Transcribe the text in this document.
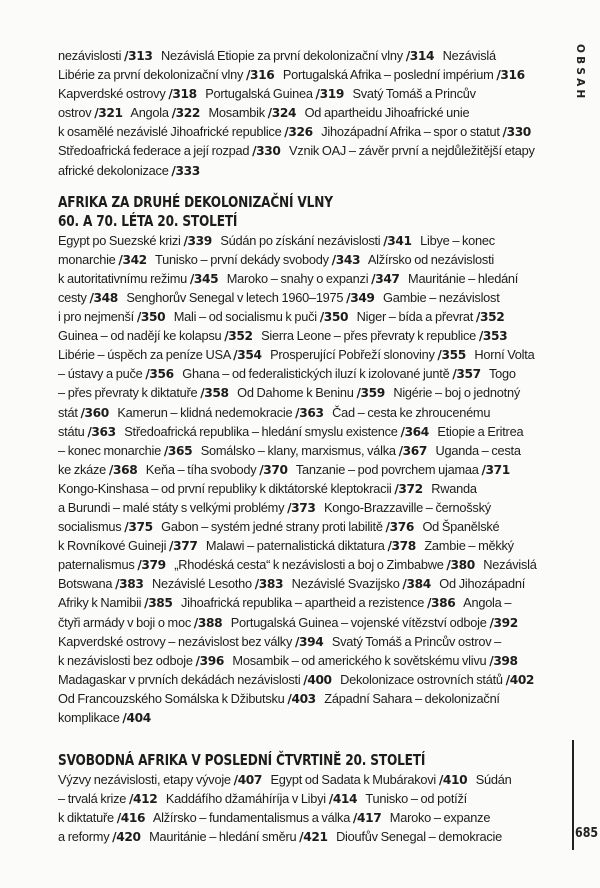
OBSAH
685
nezávislosti /313   Nezávislá Etiopie za první dekolonizační vlny /314   Nezávislá
Libérie za první dekolonizační vlny /316   Portugalská Afrika – poslední impérium /316
Kapverdské ostrovy /318   Portugalská Guinea /319   Svatý Tomáš a Princův
ostrov /321   Angola /322   Mosambik /324   Od apartheidu Jihoafrické unie
k osamělé nezávislé Jihoafrické republice /326   Jihozápadní Afrika – spor o statut /330
Středoafrická federace a její rozpad /330   Vznik OAJ – závěr první a nejdůležitější etapy
africké dekolonizace /333
AFRIKA ZA DRUHÉ DEKOLONIZAČNÍ VLNY
60. A 70. LÉTA 20. STOLETÍ
Egypt po Suezské krizi /339   Súdán po získání nezávislosti /341   Libye – konec
monarchie /342   Tunisko – první dekády svobody /343   Alžírsko od nezávislosti
k autoritativnímu režimu /345   Maroko – snahy o expanzi /347   Mauritánie – hledání
cesty /348   Senghorův Senegal v letech 1960–1975 /349   Gambie – nezávislost
i pro nejmenší /350   Mali – od socialismu k puči /350   Niger – bída a převrat /352
Guinea – od nadějí ke kolapsu /352   Sierra Leone – přes převraty k republice /353
Libérie – úspěch za peníze USA /354   Prosperující Pobřeží slonoviny /355   Horní Volta
– ústavy a puče /356   Ghana – od federalistických iluzí k izolované juntě /357   Togo
– přes převraty k diktatuře /358   Od Dahome k Beninu /359   Nigérie – boj o jednotný
stát /360   Kamerun – klidná nedemokracie /363   Čad – cesta ke zhroucenému
státu /363   Středoafrická republika – hledání smyslu existence /364   Etiopie a Eritrea
– konec monarchie /365   Somálsko – klany, marxismus, válka /367   Uganda – cesta
ke zkáze /368   Keňa – tíha svobody /370   Tanzanie – pod povrchem ujamaa /371
Kongo-Kinshasa – od první republiky k diktátorské kleptokracii /372   Rwanda
a Burundi – malé státy s velkými problémy /373   Kongo-Brazzaville – černošský
socialismus /375   Gabon – systém jedné strany proti labilitě /376   Od Španělské
k Rovníkové Guineji /377   Malawi – paternalistická diktatura /378   Zambie – měkký
paternalismus /379   „Rhodéská cesta“ k nezávislosti a boj o Zimbabwe /380   Nezávislá
Botswana /383   Nezávislé Lesotho /383   Nezávislé Svazijsko /384   Od Jihozápadní
Afriky k Namibii /385   Jihoafrická republika – apartheid a rezistence /386   Angola –
čtyři armády v boji o moc /388   Portugalská Guinea – vojenské vítězství odboje /392
Kapverdské ostrovy – nezávislost bez války /394   Svatý Tomáš a Princův ostrov –
k nezávislosti bez odboje /396   Mosambik – od amerického k sovětskému vlivu /398
Madagaskar v prvních dekádách nezávislosti /400   Dekolonizace ostrovních států /402
Od Francouzského Somálska k Džibutsku /403   Západní Sahara – dekolonizační
komplikace /404
SVOBODNÁ AFRIKA V POSLEDNÍ ČTVRTINĚ 20. STOLETÍ
Výzvy nezávislosti, etapy vývoje /407   Egypt od Sadata k Mubárakovi /410   Súdán
– trvalá krize /412   Kaddáfího džamáhíríja v Libyi /414   Tunisko – od potíží
k diktatuře /416   Alžírsko – fundamentalismus a válka /417   Maroko – expanze
a reformy /420   Mauritánie – hledání směru /421   Dioufův Senegal – demokracie
